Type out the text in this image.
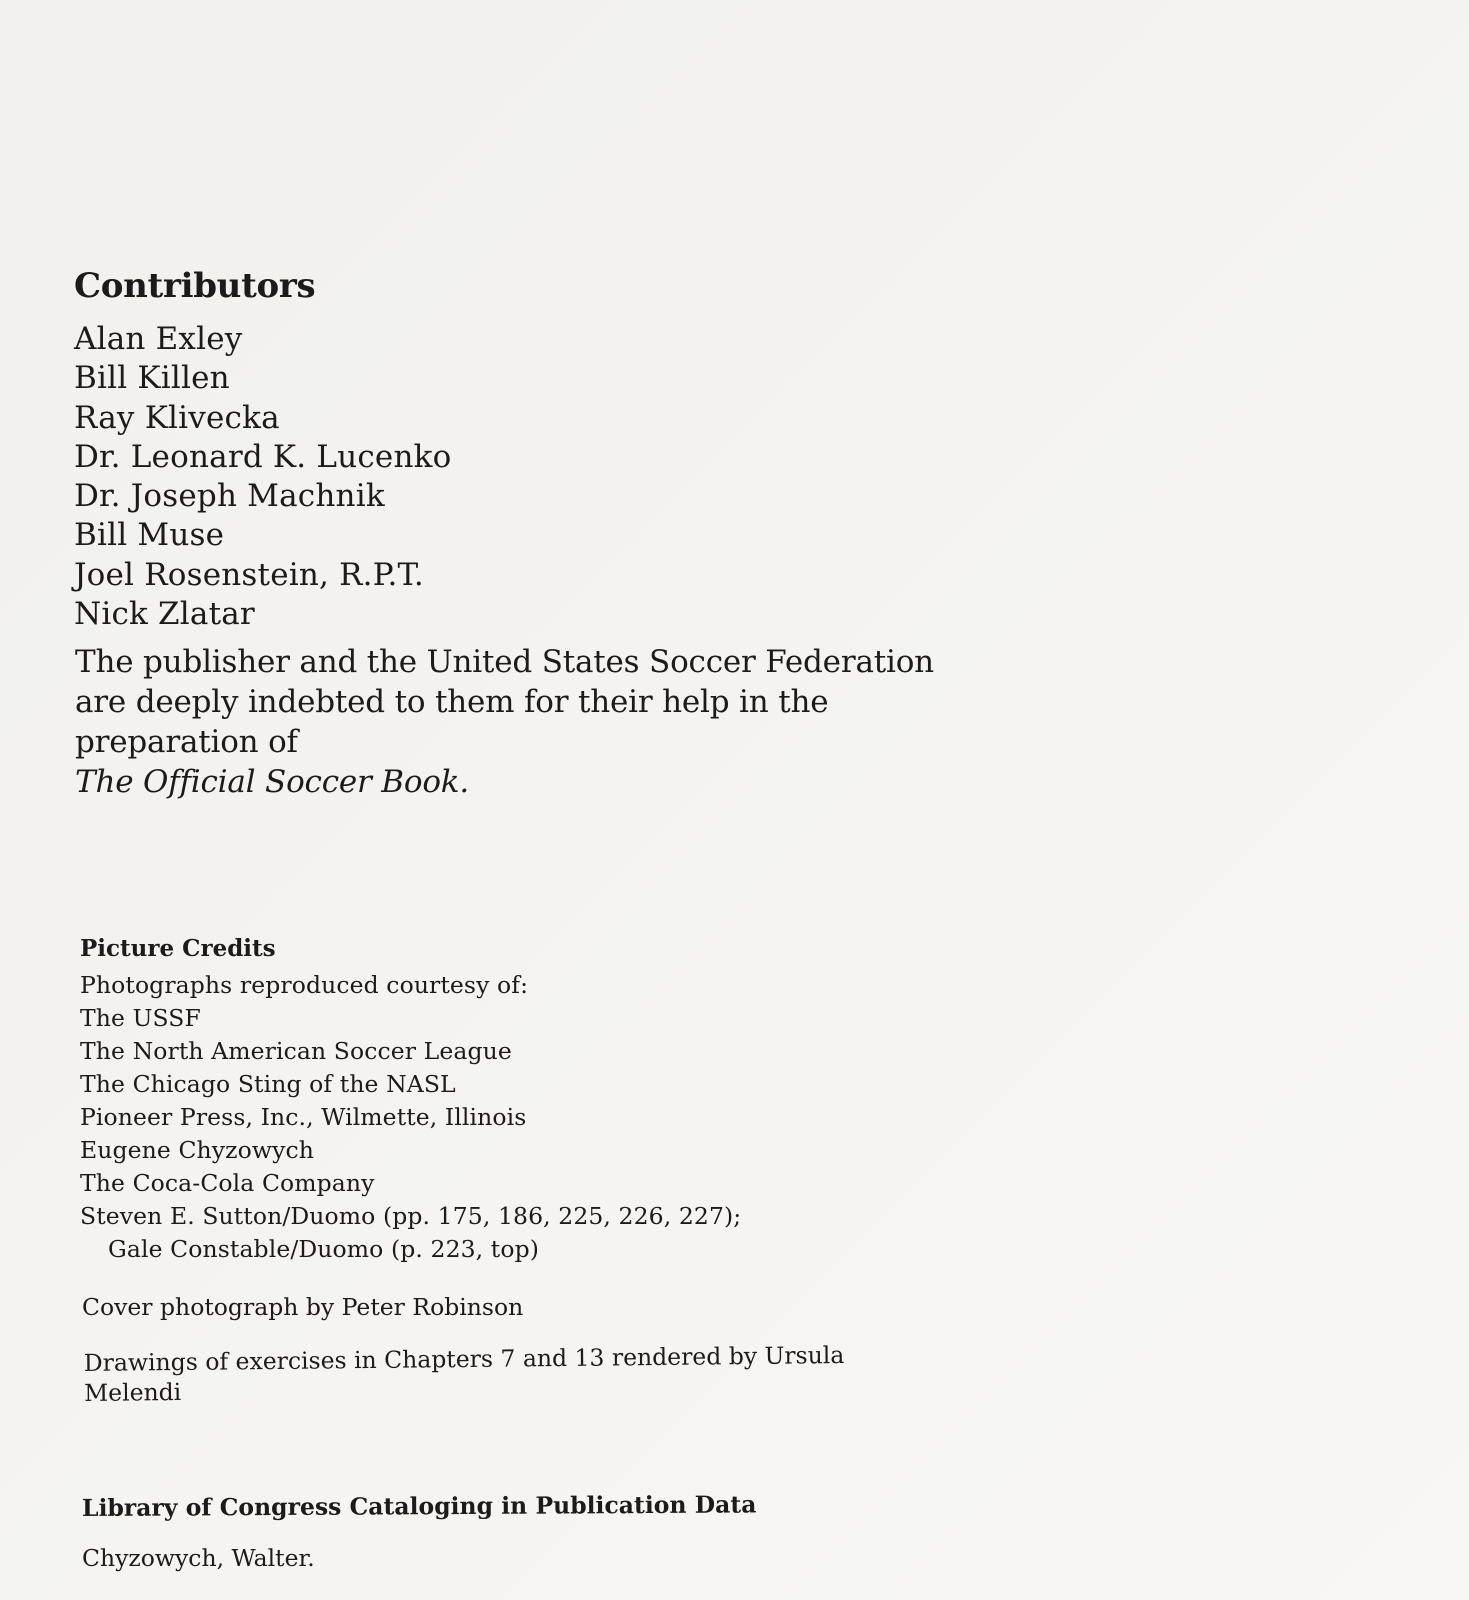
Contributors
Alan Exley
Bill Killen
Ray Klivecka
Dr. Leonard K. Lucenko
Dr. Joseph Machnik
Bill Muse
Joel Rosenstein, R.P.T.
Nick Zlatar

The publisher and the United States Soccer Federation are deeply indebted to them for their help in the preparation of
The Official Soccer Book.

Picture Credits
Photographs reproduced courtesy of:
The USSF
The North American Soccer League
The Chicago Sting of the NASL
Pioneer Press, Inc., Wilmette, Illinois
Eugene Chyzowych
The Coca-Cola Company
Steven E. Sutton/Duomo (pp. 175, 186, 225, 226, 227);
Gale Constable/Duomo (p. 223, top)

Cover photograph by Peter Robinson

Drawings of exercises in Chapters 7 and 13 rendered by Ursula Melendi

Library of Congress Cataloging in Publication Data

Chyzowych, Walter.
